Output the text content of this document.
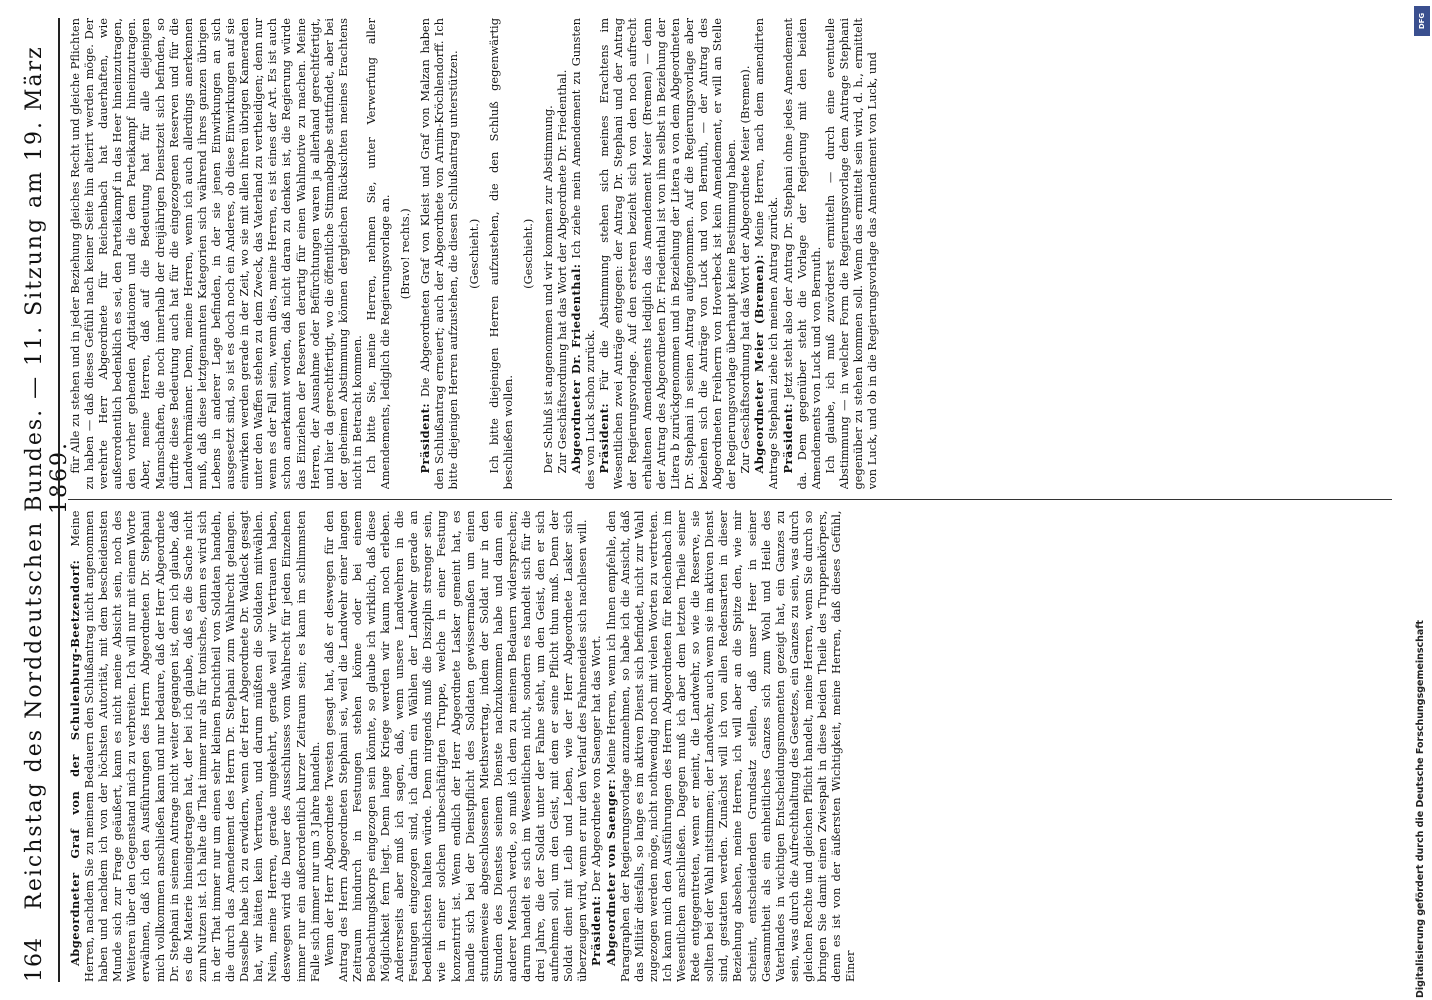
164
Reichstag des Norddeutschen Bundes. — 11. Sitzung am 19. März 1869.

Abgeordneter Graf von der Schulenburg-Beetzendorf: Meine Herren, nachdem Sie zu meinem Bedauern den Schlußantrag nicht angenommen haben und nachdem ich von der höchsten Autorität, mit dem bescheidensten Munde sich zur Frage geäußert, kann es nicht meine Absicht sein, noch des Weiteren über den Gegenstand mich zu verbreiten. Ich will nur mit einem Worte erwähnen, daß ich den Ausführungen des Herrn Abgeordneten Dr. Stephani mich vollkommen anschließen kann und nur bedaure, daß der Herr Abgeordnete Dr. Stephani in seinem Antrage nicht weiter gegangen ist, denn ich glaube, daß es die Materie hineingetragen hat, der bei ich glaube, daß es die Sache nicht zum Nutzen ist. Ich halte die That immer nur als für tonisches, denn es wird sich in der That immer nur um einen sehr kleinen Bruchtheil von Soldaten handeln, die durch das Amendement des Herrn Dr. Stephani zum Wahlrecht gelangen. Dasselbe habe ich zu erwidern, wenn der Herr Abgeordnete Dr. Waldeck gesagt hat, wir hätten kein Vertrauen, und darum müßten die Soldaten mitwählen. Nein, meine Herren, gerade umgekehrt, gerade weil wir Vertrauen haben, deswegen wird die Dauer des Ausschlusses vom Wahlrecht für jeden Einzelnen immer nur ein außerordentlich kurzer Zeitraum sein; es kann im schlimmsten Falle sich immer nur um 3 Jahre handeln. Wenn der Herr Abgeordnete Twesten gesagt hat, daß er deswegen für den Antrag des Herrn Abgeordneten Stephani sei, weil die Landwehr einer langen Zeitraum hindurch in Festungen stehen könne oder bei einem Beobachtungskorps eingezogen sein könnte, so glaube ich wirklich, daß diese Möglichkeit fern liegt. Denn lange Kriege werden wir kaum noch erleben. Andererseits aber muß ich sagen, daß, wenn unsere Landwehren in die Festungen eingezogen sind, ich darin ein Wählen der Landwehr gerade an bedenklichsten halten würde. Denn nirgends muß die Disziplin strenger sein, wie in einer solchen unbeschäftigten Truppe, welche in einer Festung konzentrirt ist. Wenn endlich der Herr Abgeordnete Lasker gemeint hat, es handle sich bei der Dienstpflicht des Soldaten gewissermaßen um einen stundenweise abgeschlossenen Miethsvertrag, indem der Soldat nur in den Stunden des Dienstes seinem Dienste nachzukommen habe und dann ein anderer Mensch werde, so muß ich dem zu meinem Bedauern widersprechen; darum handelt es sich im Wesentlichen nicht, sondern es handelt sich für die drei Jahre, die der Soldat unter der Fahne steht, um den Geist, den er sich aufnehmen soll, um den Geist, mit dem er seine Pflicht thun muß. Denn der Soldat dient mit Leib und Leben, wie der Herr Abgeordnete Lasker sich überzeugen wird, wenn er nur den Verlauf des Fahneneides sich nachlesen will. Präsident: Der Abgeordnete von Saenger hat das Wort. Abgeordneter von Saenger: Meine Herren, wenn ich Ihnen empfehle, den Paragraphen der Regierungsvorlage anzunehmen, so habe ich die Ansicht, daß das Militär diesfalls, so lange es im aktiven Dienst sich befindet, nicht zur Wahl zugezogen werden möge, nicht nothwendig noch mit vielen Worten zu vertreten. Ich kann mich den Ausführungen des Herrn Abgeordneten für Reichenbach im Wesentlichen anschließen. Dagegen muß ich aber dem letzten Theile seiner Rede entgegentreten, wenn er meint, die Landwehr, so wie die Reserve, sie sollten bei der Wahl mitstimmen; der Landwehr, auch wenn sie im aktiven Dienst sind, gestatten werden. Zunächst will ich von allen Redensarten in dieser Beziehung absehen, meine Herren, ich will aber an die Spitze den, wie mir scheint, entscheidenden Grundsatz stellen, daß unser Heer in seiner Gesammtheit als ein einheitliches Ganzes sich zum Wohl und Heile des Vaterlandes in wichtigen Entscheidungsmomenten gezeigt hat, ein Ganzes zu sein, was durch die Aufrechthaltung des Gesetzes, ein Ganzes zu sein, was durch gleichen Rechte und gleichen Pflicht handelt, meine Herren, wenn Sie durch so bringen Sie damit einen Zwiespalt in diese beiden Theile des Truppenkörpers, denn es ist von der äußersten Wichtigkeit, meine Herren, daß dieses Gefühl, Einer

für Alle zu stehen und in jeder Beziehung gleiches Recht und gleiche Pflichten zu haben — daß dieses Gefühl nach keiner Seite hin alterirt werden möge. Der verehrte Herr Abgeordnete für Reichenbach hat dauerhaften, wie außerordentlich bedenklich es sei, den Parteikampf in das Heer hineinzutragen, den vorher gehenden Agitationen und die dem Parteikampf hineinzutragen. Aber, meine Herren, daß auf die Bedeutung hat für alle diejenigen Mannschaften, die noch innerhalb der dreijährigen Dienstzeit sich befinden, so dürfte diese Bedeutung auch hat für die eingezogenen Reserven und für die Landwehrmänner. Denn, meine Herren, wenn ich auch allerdings anerkennen muß, daß diese letztgenannten Kategorien sich während ihres ganzen übrigen Lebens in anderer Lage befinden, in der sie jenen Einwirkungen an sich ausgesetzt sind, so ist es doch noch ein Anderes, ob diese Einwirkungen auf sie einwirken werden gerade in der Zeit, wo sie mit allen ihren übrigen Kameraden unter den Waffen stehen zu dem Zweck, das Vaterland zu vertheidigen; denn nur wenn es der Fall sein, wenn dies, meine Herren, es ist eines der Art. Es ist auch schon anerkannt worden, daß nicht daran zu denken ist, die Regierung würde das Einziehen der Reserven derartig für einen Wahlmotive zu machen. Meine Herren, der Ausnahme oder Befürchtungen waren ja allerhand gerechtfertigt, und hier da gerechtfertigt, wo die öffentliche Stimmabgabe stattfindet, aber bei der geheimen Abstimmung können dergleichen Rücksichten meines Erachtens nicht in Betracht kommen. Ich bitte Sie, meine Herren, nehmen Sie, unter Verwerfung aller Amendements, lediglich die Regierungsvorlage an. (Bravo! rechts.)

Präsident: Die Abgeordneten Graf von Kleist und Graf von Malzan haben den Schlußantrag erneuert; auch der Abgeordnete von Arnim-Kröchlendorff. Ich bitte diejenigen Herren aufzustehen, die diesen Schlußantrag unterstützen. (Geschieht.) Ich bitte diejenigen Herren aufzustehen, die den Schluß gegenwärtig beschließen wollen.

(Geschieht.) Der Schluß ist angenommen und wir kommen zur Abstimmung. Zur Geschäftsordnung hat das Wort der Abgeordnete Dr. Friedenthal. Abgeordneter Dr. Friedenthal: Ich ziehe mein Amendement zu Gunsten des von Luck schon zurück. Präsident: Für die Abstimmung stehen sich meines Erachtens im Wesentlichen zwei Anträge entgegen: der Antrag Dr. Stephani und der Antrag der Regierungsvorlage. Auf den ersteren bezieht sich von den noch aufrecht erhaltenen Amendements lediglich das Amendement Meier (Bremen) — denn der Antrag des Abgeordneten Dr. Friedenthal ist von ihm selbst in Beziehung der Litera b zurückgenommen und in Beziehung der Litera a von dem Abgeordneten Dr. Stephani in seinen Antrag aufgenommen. Auf die Regierungsvorlage aber beziehen sich die Anträge von Luck und von Bernuth, — der Antrag des Abgeordneten Freiherrn von Hoverbeck ist kein Amendement, er will an Stelle der Regierungsvorlage überhaupt keine Bestimmung haben. Zur Geschäftsordnung hat das Wort der Abgeordnete Meier (Bremen). Abgeordneter Meier (Bremen): Meine Herren, nach dem amendirten Antrage Stephani ziehe ich meinen Antrag zurück. Präsident: Jetzt steht also der Antrag Dr. Stephani ohne jedes Amendement da. Dem gegenüber steht die Vorlage der Regierung mit den beiden Amendements von Luck und von Bernuth. Ich glaube, ich muß zuvörderst ermitteln — durch eine eventuelle Abstimmung — in welcher Form die Regierungsvorlage dem Antrage Stephani gegenüber zu stehen kommen soll. Wenn das ermittelt sein wird, d. h., ermittelt von Luck, und ob in die Regierungsvorlage das Amendement von Luck, und

DFG
Digitalisierung gefördert durch die Deutsche Forschungsgemeinschaft
